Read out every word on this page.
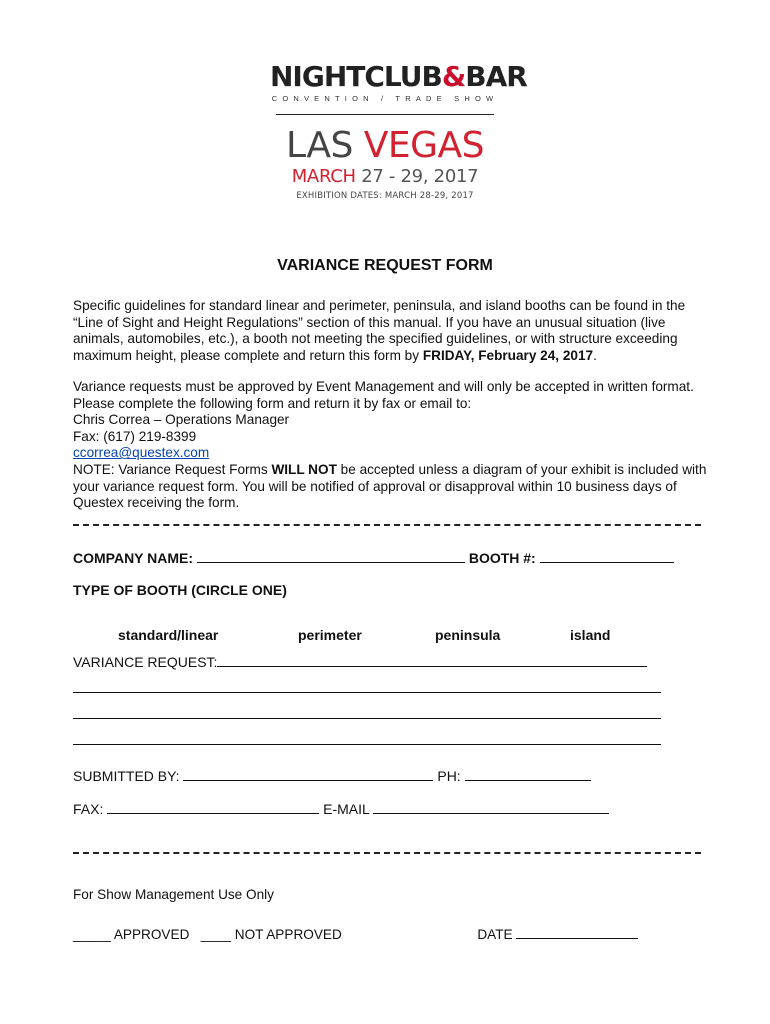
NIGHTCLUB&BAR
CONVENTION / TRADE SHOW
LAS VEGAS
MARCH 27 - 29, 2017
EXHIBITION DATES: MARCH 28-29, 2017
VARIANCE REQUEST FORM
Specific guidelines for standard linear and perimeter, peninsula, and island booths can be found in the “Line of Sight and Height Regulations” section of this manual. If you have an unusual situation (live animals, automobiles, etc.), a booth not meeting the specified guidelines, or with structure exceeding maximum height, please complete and return this form by FRIDAY, February 24, 2017.
Variance requests must be approved by Event Management and will only be accepted in written format. Please complete the following form and return it by fax or email to:
Chris Correa – Operations Manager
Fax: (617) 219-8399
ccorrea@questex.com
NOTE: Variance Request Forms WILL NOT be accepted unless a diagram of your exhibit is included with your variance request form. You will be notified of approval or disapproval within 10 business days of Questex receiving the form.
COMPANY NAME:	BOOTH #:
TYPE OF BOOTH (CIRCLE ONE)
standard/linear	perimeter	peninsula	island
VARIANCE REQUEST:
SUBMITTED BY:	PH:
FAX:	E-MAIL
For Show Management Use Only
_____ APPROVED ____ NOT APPROVED	DATE
